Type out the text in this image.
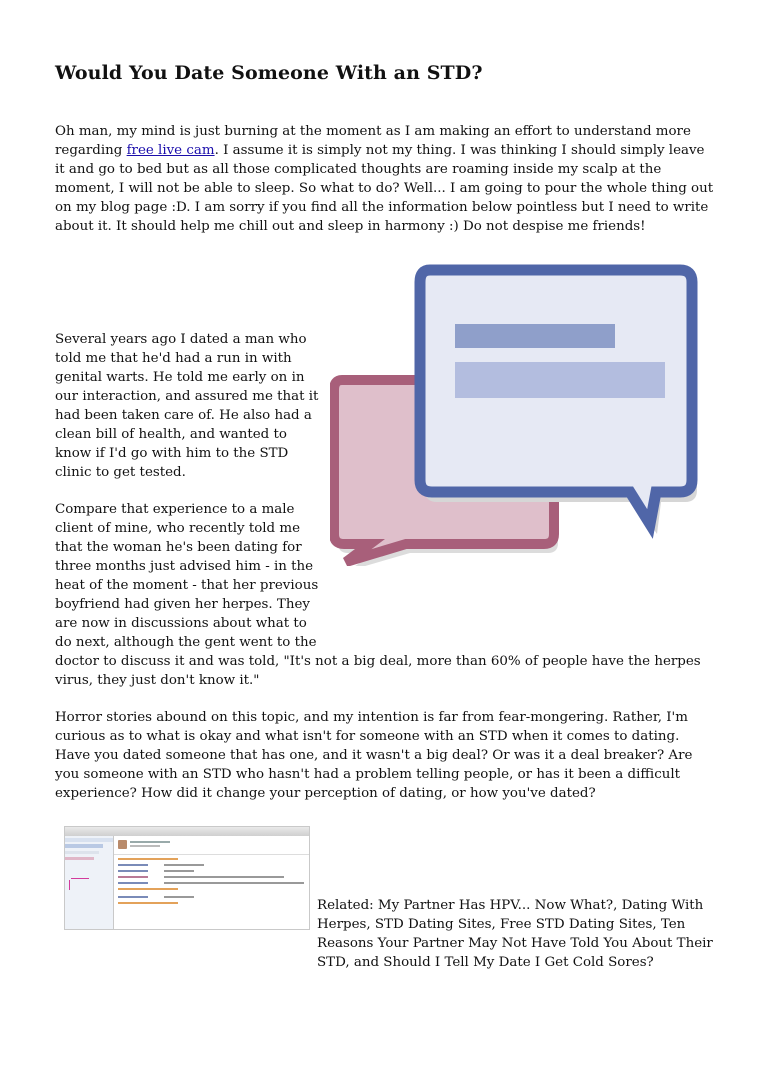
Would You Date Someone With an STD?

Oh man, my mind is just burning at the moment as I am making an effort to understand more regarding free live cam. I assume it is simply not my thing. I was thinking I should simply leave it and go to bed but as all those complicated thoughts are roaming inside my scalp at the moment, I will not be able to sleep. So what to do? Well... I am going to pour the whole thing out on my blog page :D. I am sorry if you find all the information below pointless but I need to write about it. It should help me chill out and sleep in harmony :) Do not despise me friends!

Several years ago I dated a man who told me that he'd had a run in with genital warts. He told me early on in our interaction, and assured me that it had been taken care of. He also had a clean bill of health, and wanted to know if I'd go with him to the STD clinic to get tested.

Compare that experience to a male client of mine, who recently told me that the woman he's been dating for three months just advised him - in the heat of the moment - that her previous boyfriend had given her herpes. They are now in discussions about what to do next, although the gent went to the doctor to discuss it and was told, "It's not a big deal, more than 60% of people have the herpes virus, they just don't know it."

Horror stories abound on this topic, and my intention is far from fear-mongering. Rather, I'm curious as to what is okay and what isn't for someone with an STD when it comes to dating. Have you dated someone that has one, and it wasn't a big deal? Or was it a deal breaker? Are you someone with an STD who hasn't had a problem telling people, or has it been a difficult experience? How did it change your perception of dating, or how you've dated?

Related: My Partner Has HPV... Now What?, Dating With Herpes, STD Dating Sites, Free STD Dating Sites, Ten Reasons Your Partner May Not Have Told You About Their STD, and Should I Tell My Date I Get Cold Sores?
